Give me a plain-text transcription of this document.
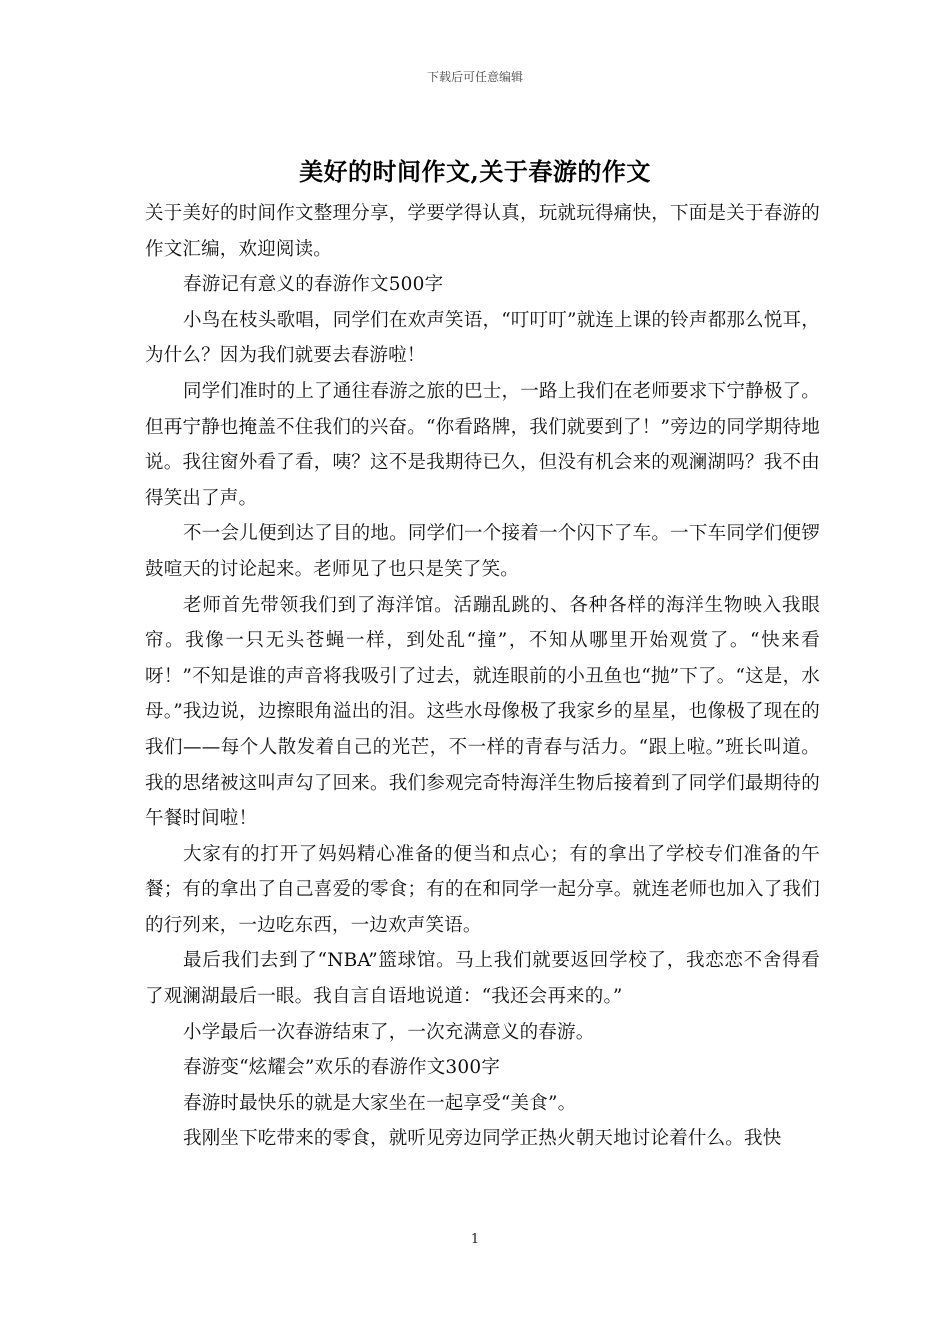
下载后可任意编辑
美好的时间作文,关于春游的作文

关于美好的时间作文整理分享，学要学得认真，玩就玩得痛快，下面是关于春游的作文汇编，欢迎阅读。

春游记有意义的春游作文500字

小鸟在枝头歌唱，同学们在欢声笑语，“叮叮叮”就连上课的铃声都那么悦耳，为什么？因为我们就要去春游啦！

同学们准时的上了通往春游之旅的巴士，一路上我们在老师要求下宁静极了。但再宁静也掩盖不住我们的兴奋。“你看路牌，我们就要到了！”旁边的同学期待地说。我往窗外看了看，咦？这不是我期待已久，但没有机会来的观澜湖吗？我不由得笑出了声。

不一会儿便到达了目的地。同学们一个接着一个闪下了车。一下车同学们便锣鼓喧天的讨论起来。老师见了也只是笑了笑。

老师首先带领我们到了海洋馆。活蹦乱跳的、各种各样的海洋生物映入我眼帘。我像一只无头苍蝇一样，到处乱“撞”，不知从哪里开始观赏了。“快来看呀！”不知是谁的声音将我吸引了过去，就连眼前的小丑鱼也“抛”下了。“这是，水母。”我边说，边擦眼角溢出的泪。这些水母像极了我家乡的星星，也像极了现在的我们——每个人散发着自己的光芒，不一样的青春与活力。“跟上啦。”班长叫道。我的思绪被这叫声勾了回来。我们参观完奇特海洋生物后接着到了同学们最期待的午餐时间啦！

大家有的打开了妈妈精心准备的便当和点心；有的拿出了学校专们准备的午餐；有的拿出了自己喜爱的零食；有的在和同学一起分享。就连老师也加入了我们的行列来，一边吃东西，一边欢声笑语。

最后我们去到了“NBA”篮球馆。马上我们就要返回学校了，我恋恋不舍得看了观澜湖最后一眼。我自言自语地说道：“我还会再来的。”

小学最后一次春游结束了，一次充满意义的春游。

春游变“炫耀会”欢乐的春游作文300字

春游时最快乐的就是大家坐在一起享受“美食”。

我刚坐下吃带来的零食，就听见旁边同学正热火朝天地讨论着什么。我快

1
